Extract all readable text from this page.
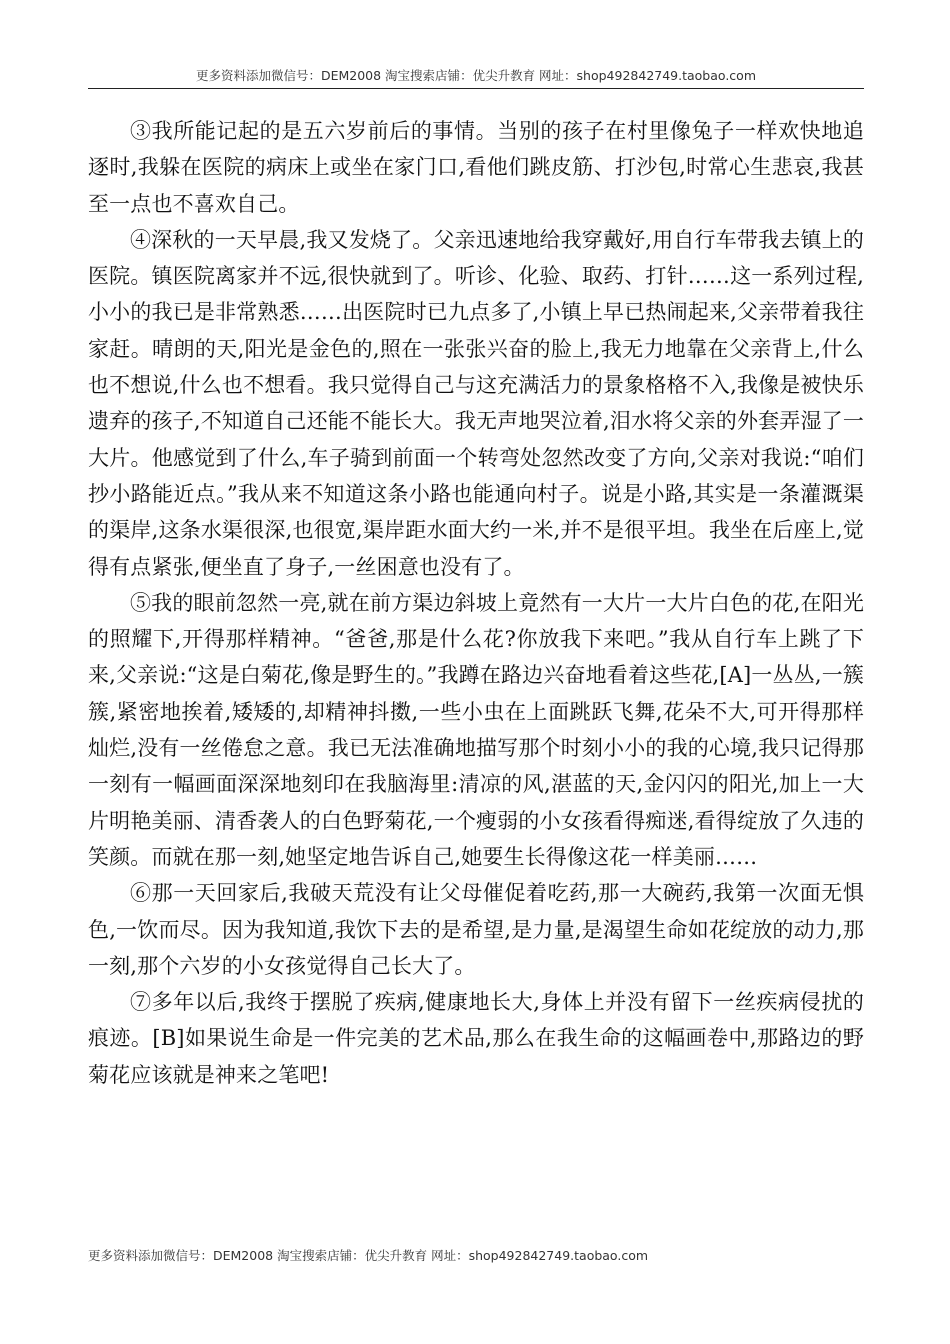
更多资料添加微信号：DEM2008 淘宝搜索店铺：优尖升教育 网址：shop492842749.taobao.com

③我所能记起的是五六岁前后的事情。当别的孩子在村里像兔子一样欢快地追逐时,我躲在医院的病床上或坐在家门口,看他们跳皮筋、打沙包,时常心生悲哀,我甚至一点也不喜欢自己。

④深秋的一天早晨,我又发烧了。父亲迅速地给我穿戴好,用自行车带我去镇上的医院。镇医院离家并不远,很快就到了。听诊、化验、取药、打针……这一系列过程,小小的我已是非常熟悉……出医院时已九点多了,小镇上早已热闹起来,父亲带着我往家赶。晴朗的天,阳光是金色的,照在一张张兴奋的脸上,我无力地靠在父亲背上,什么也不想说,什么也不想看。我只觉得自己与这充满活力的景象格格不入,我像是被快乐遗弃的孩子,不知道自己还能不能长大。我无声地哭泣着,泪水将父亲的外套弄湿了一大片。他感觉到了什么,车子骑到前面一个转弯处忽然改变了方向,父亲对我说:“咱们抄小路能近点。”我从来不知道这条小路也能通向村子。说是小路,其实是一条灌溉渠的渠岸,这条水渠很深,也很宽,渠岸距水面大约一米,并不是很平坦。我坐在后座上,觉得有点紧张,便坐直了身子,一丝困意也没有了。

⑤我的眼前忽然一亮,就在前方渠边斜坡上竟然有一大片一大片白色的花,在阳光的照耀下,开得那样精神。“爸爸,那是什么花?你放我下来吧。”我从自行车上跳了下来,父亲说:“这是白菊花,像是野生的。”我蹲在路边兴奋地看着这些花,[A]一丛丛,一簇簇,紧密地挨着,矮矮的,却精神抖擞,一些小虫在上面跳跃飞舞,花朵不大,可开得那样灿烂,没有一丝倦怠之意。我已无法准确地描写那个时刻小小的我的心境,我只记得那一刻有一幅画面深深地刻印在我脑海里:清凉的风,湛蓝的天,金闪闪的阳光,加上一大片明艳美丽、清香袭人的白色野菊花,一个瘦弱的小女孩看得痴迷,看得绽放了久违的笑颜。而就在那一刻,她坚定地告诉自己,她要生长得像这花一样美丽……

⑥那一天回家后,我破天荒没有让父母催促着吃药,那一大碗药,我第一次面无惧色,一饮而尽。因为我知道,我饮下去的是希望,是力量,是渴望生命如花绽放的动力,那一刻,那个六岁的小女孩觉得自己长大了。

⑦多年以后,我终于摆脱了疾病,健康地长大,身体上并没有留下一丝疾病侵扰的痕迹。[B]如果说生命是一件完美的艺术品,那么在我生命的这幅画卷中,那路边的野菊花应该就是神来之笔吧!

更多资料添加微信号：DEM2008 淘宝搜索店铺：优尖升教育 网址：shop492842749.taobao.com
